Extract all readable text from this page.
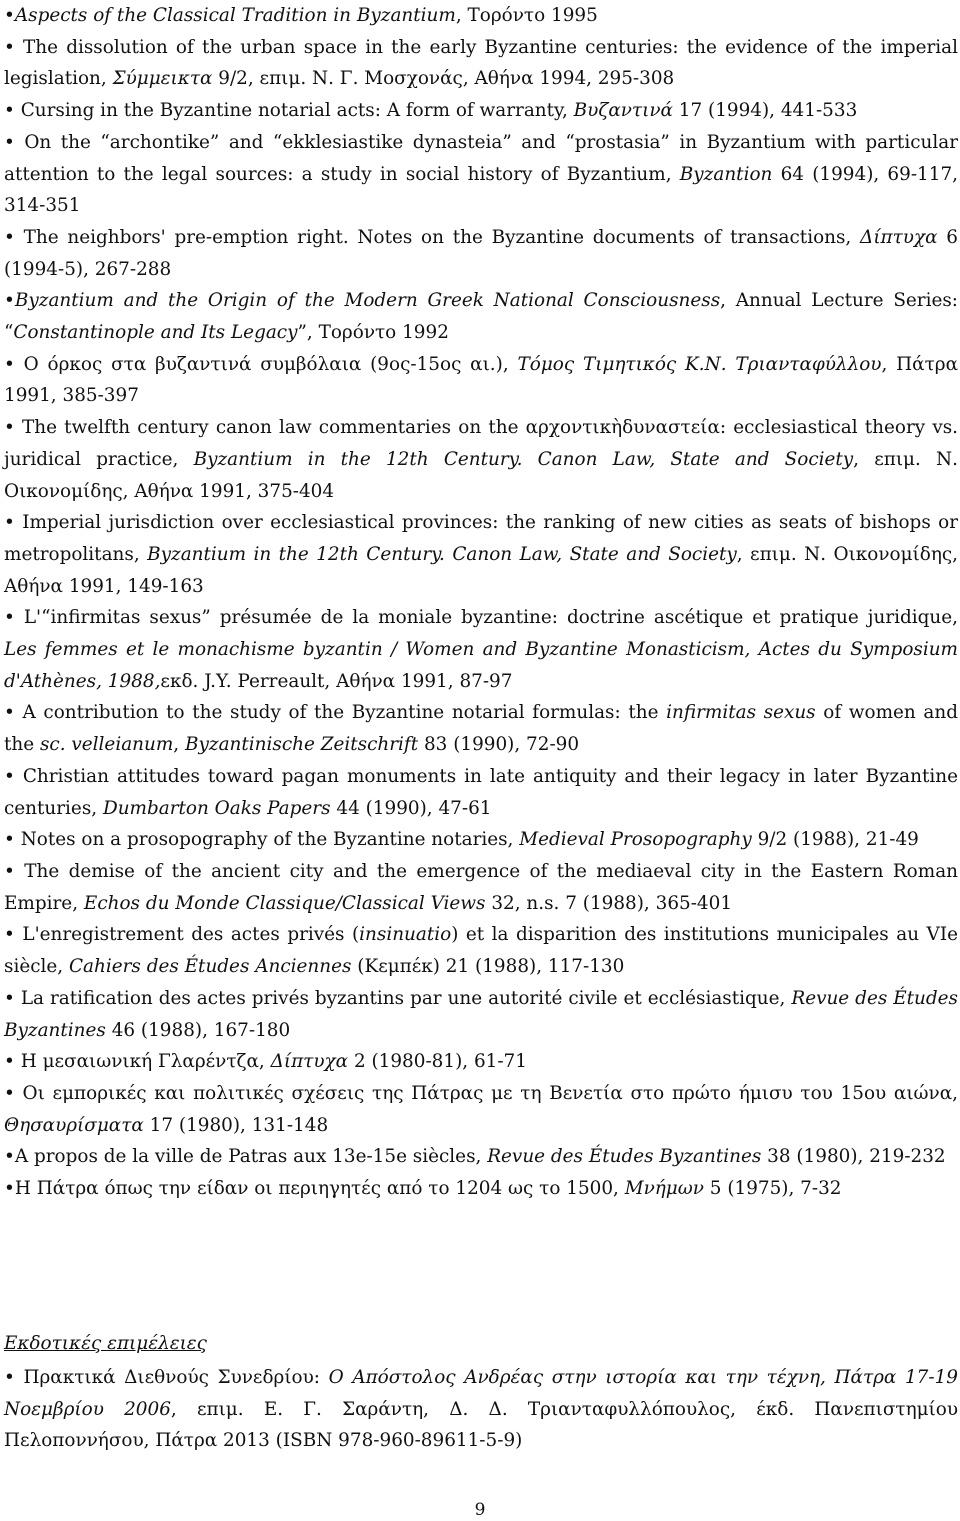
•Aspects of the Classical Tradition in Byzantium, Τορόντο 1995
• The dissolution of the urban space in the early Byzantine centuries: the evidence of the imperial legislation, Σύμμεικτα 9/2, επιμ. Ν. Γ. Μοσχονάς, Αθήνα 1994, 295-308
• Cursing in the Byzantine notarial acts: A form of warranty, Βυζαντινά 17 (1994), 441-533
• On the “archontike” and “ekklesiastike dynasteia” and “prostasia” in Byzantium with particular attention to the legal sources: a study in social history of Byzantium, Byzantion 64 (1994), 69-117, 314-351
• The neighbors' pre-emption right. Notes on the Byzantine documents of transactions, Δίπτυχα 6 (1994-5), 267-288
•Byzantium and the Origin of the Modern Greek National Consciousness, Annual Lecture Series: “Constantinople and Its Legacy”, Τορόντο 1992
• Ο όρκος στα βυζαντινά συμβόλαια (9ος-15ος αι.), Τόμος Τιμητικός Κ.Ν. Τριανταφύλλου, Πάτρα 1991, 385-397
• The twelfth century canon law commentaries on the αρχοντικὴδυναστεία: ecclesiastical theory vs. juridical practice, Byzantium in the 12th Century. Canon Law, State and Society, επιμ. Ν. Οικονομίδης, Αθήνα 1991, 375-404
• Imperial jurisdiction over ecclesiastical provinces: the ranking of new cities as seats of bishops or metropolitans, Byzantium in the 12th Century. Canon Law, State and Society, επιμ. Ν. Οικονομίδης, Αθήνα 1991, 149-163
• L'“infirmitas sexus” présumée de la moniale byzantine: doctrine ascétique et pratique juridique, Les femmes et le monachisme byzantin / Women and Byzantine Monasticism, Actes du Symposium d'Athènes, 1988,εκδ. J.Y. Perreault, Αθήνα 1991, 87-97
• A contribution to the study of the Byzantine notarial formulas: the infirmitas sexus of women and the sc. velleianum, Byzantinische Zeitschrift 83 (1990), 72-90
• Christian attitudes toward pagan monuments in late antiquity and their legacy in later Byzantine centuries, Dumbarton Oaks Papers 44 (1990), 47-61
• Notes on a prosopography of the Byzantine notaries, Medieval Prosopography 9/2 (1988), 21-49
• The demise of the ancient city and the emergence of the mediaeval city in the Eastern Roman Empire, Echos du Monde Classique/Classical Views 32, n.s. 7 (1988), 365-401
• L'enregistrement des actes privés (insinuatio) et la disparition des institutions municipales au VIe siècle, Cahiers des Études Anciennes (Κεμπέκ) 21 (1988), 117-130
• La ratification des actes privés byzantins par une autorité civile et ecclésiastique, Revue des Études Byzantines 46 (1988), 167-180
• Η μεσαιωνική Γλαρέντζα, Δίπτυχα 2 (1980-81), 61-71
• Οι εμπορικές και πολιτικές σχέσεις της Πάτρας με τη Βενετία στο πρώτο ήμισυ του 15ου αιώνα, Θησαυρίσματα 17 (1980), 131-148
•A propos de la ville de Patras aux 13e-15e siècles, Revue des Études Byzantines 38 (1980), 219-232
•Η Πάτρα όπως την είδαν οι περιηγητές από το 1204 ως το 1500, Μνήμων 5 (1975), 7-32
Εκδοτικές επιμέλειες
• Πρακτικά Διεθνούς Συνεδρίου: Ο Απόστολος Ανδρέας στην ιστορία και την τέχνη, Πάτρα 17-19 Νοεμβρίου 2006, επιμ. Ε. Γ. Σαράντη, Δ. Δ. Τριανταφυλλόπουλος, έκδ. Πανεπιστημίου Πελοποννήσου, Πάτρα 2013 (ISBN 978-960-89611-5-9)
9
